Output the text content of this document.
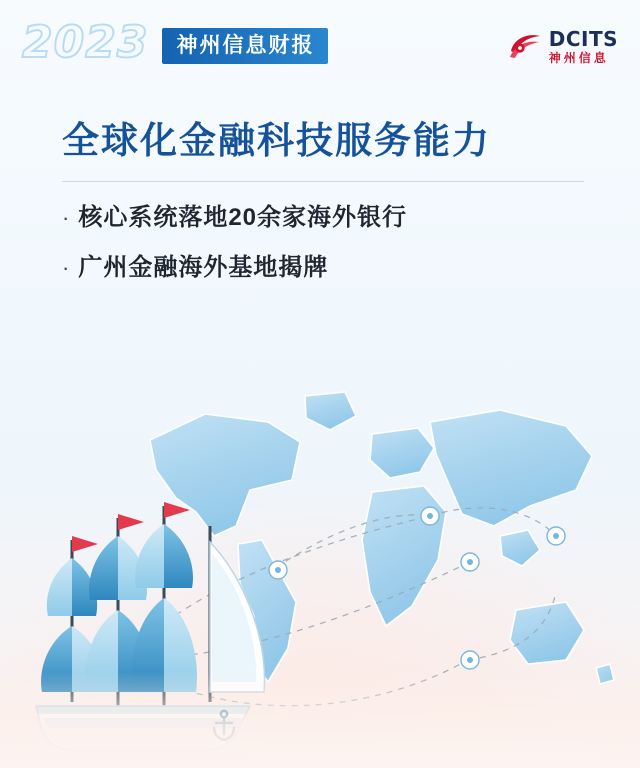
2023	神州信息财报	DCITS
神州信息
全球化金融科技服务能力
· 核心系统落地20余家海外银行
· 广州金融海外基地揭牌
